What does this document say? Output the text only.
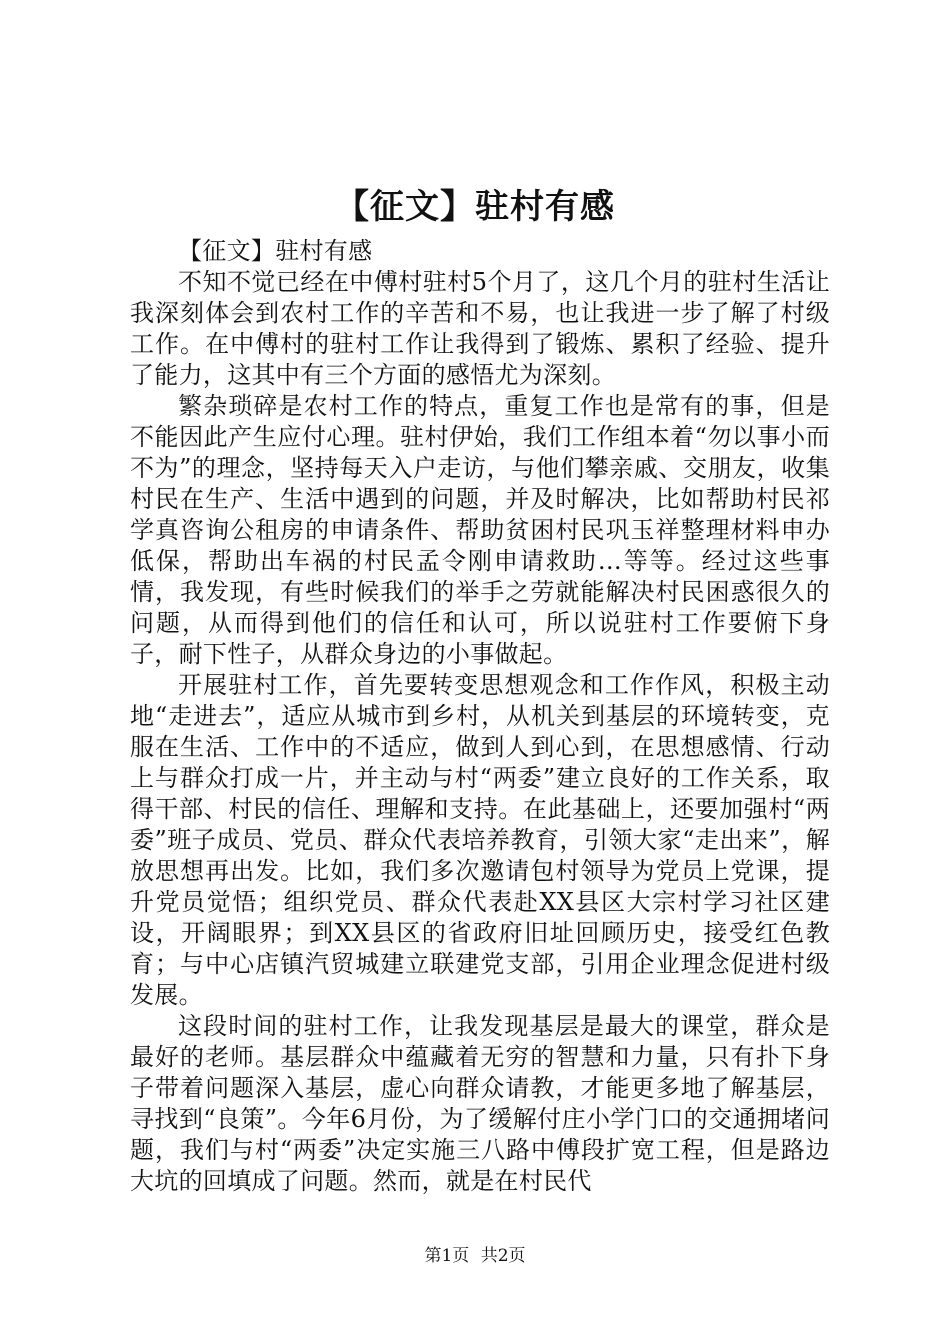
【征文】驻村有感

【征文】驻村有感

不知不觉已经在中傅村驻村5个月了，这几个月的驻村生活让我深刻体会到农村工作的辛苦和不易，也让我进一步了解了村级工作。在中傅村的驻村工作让我得到了锻炼、累积了经验、提升了能力，这其中有三个方面的感悟尤为深刻。

繁杂琐碎是农村工作的特点，重复工作也是常有的事，但是不能因此产生应付心理。驻村伊始，我们工作组本着“勿以事小而不为”的理念，坚持每天入户走访，与他们攀亲戚、交朋友，收集村民在生产、生活中遇到的问题，并及时解决，比如帮助村民祁学真咨询公租房的申请条件、帮助贫困村民巩玉祥整理材料申办低保，帮助出车祸的村民孟令刚申请救助…等等。经过这些事情，我发现，有些时候我们的举手之劳就能解决村民困惑很久的问题，从而得到他们的信任和认可，所以说驻村工作要俯下身子，耐下性子，从群众身边的小事做起。

开展驻村工作，首先要转变思想观念和工作作风，积极主动地“走进去”，适应从城市到乡村，从机关到基层的环境转变，克服在生活、工作中的不适应，做到人到心到，在思想感情、行动上与群众打成一片，并主动与村“两委”建立良好的工作关系，取得干部、村民的信任、理解和支持。在此基础上，还要加强村“两委”班子成员、党员、群众代表培养教育，引领大家“走出来”，解放思想再出发。比如，我们多次邀请包村领导为党员上党课，提升党员觉悟；组织党员、群众代表赴XX县区大宗村学习社区建设，开阔眼界；到XX县区的省政府旧址回顾历史，接受红色教育；与中心店镇汽贸城建立联建党支部，引用企业理念促进村级发展。

这段时间的驻村工作，让我发现基层是最大的课堂，群众是最好的老师。基层群众中蕴藏着无穷的智慧和力量，只有扑下身子带着问题深入基层，虚心向群众请教，才能更多地了解基层，寻找到“良策”。今年6月份，为了缓解付庄小学门口的交通拥堵问题，我们与村“两委”决定实施三八路中傅段扩宽工程，但是路边大坑的回填成了问题。然而，就是在村民代

第1页 共2页
